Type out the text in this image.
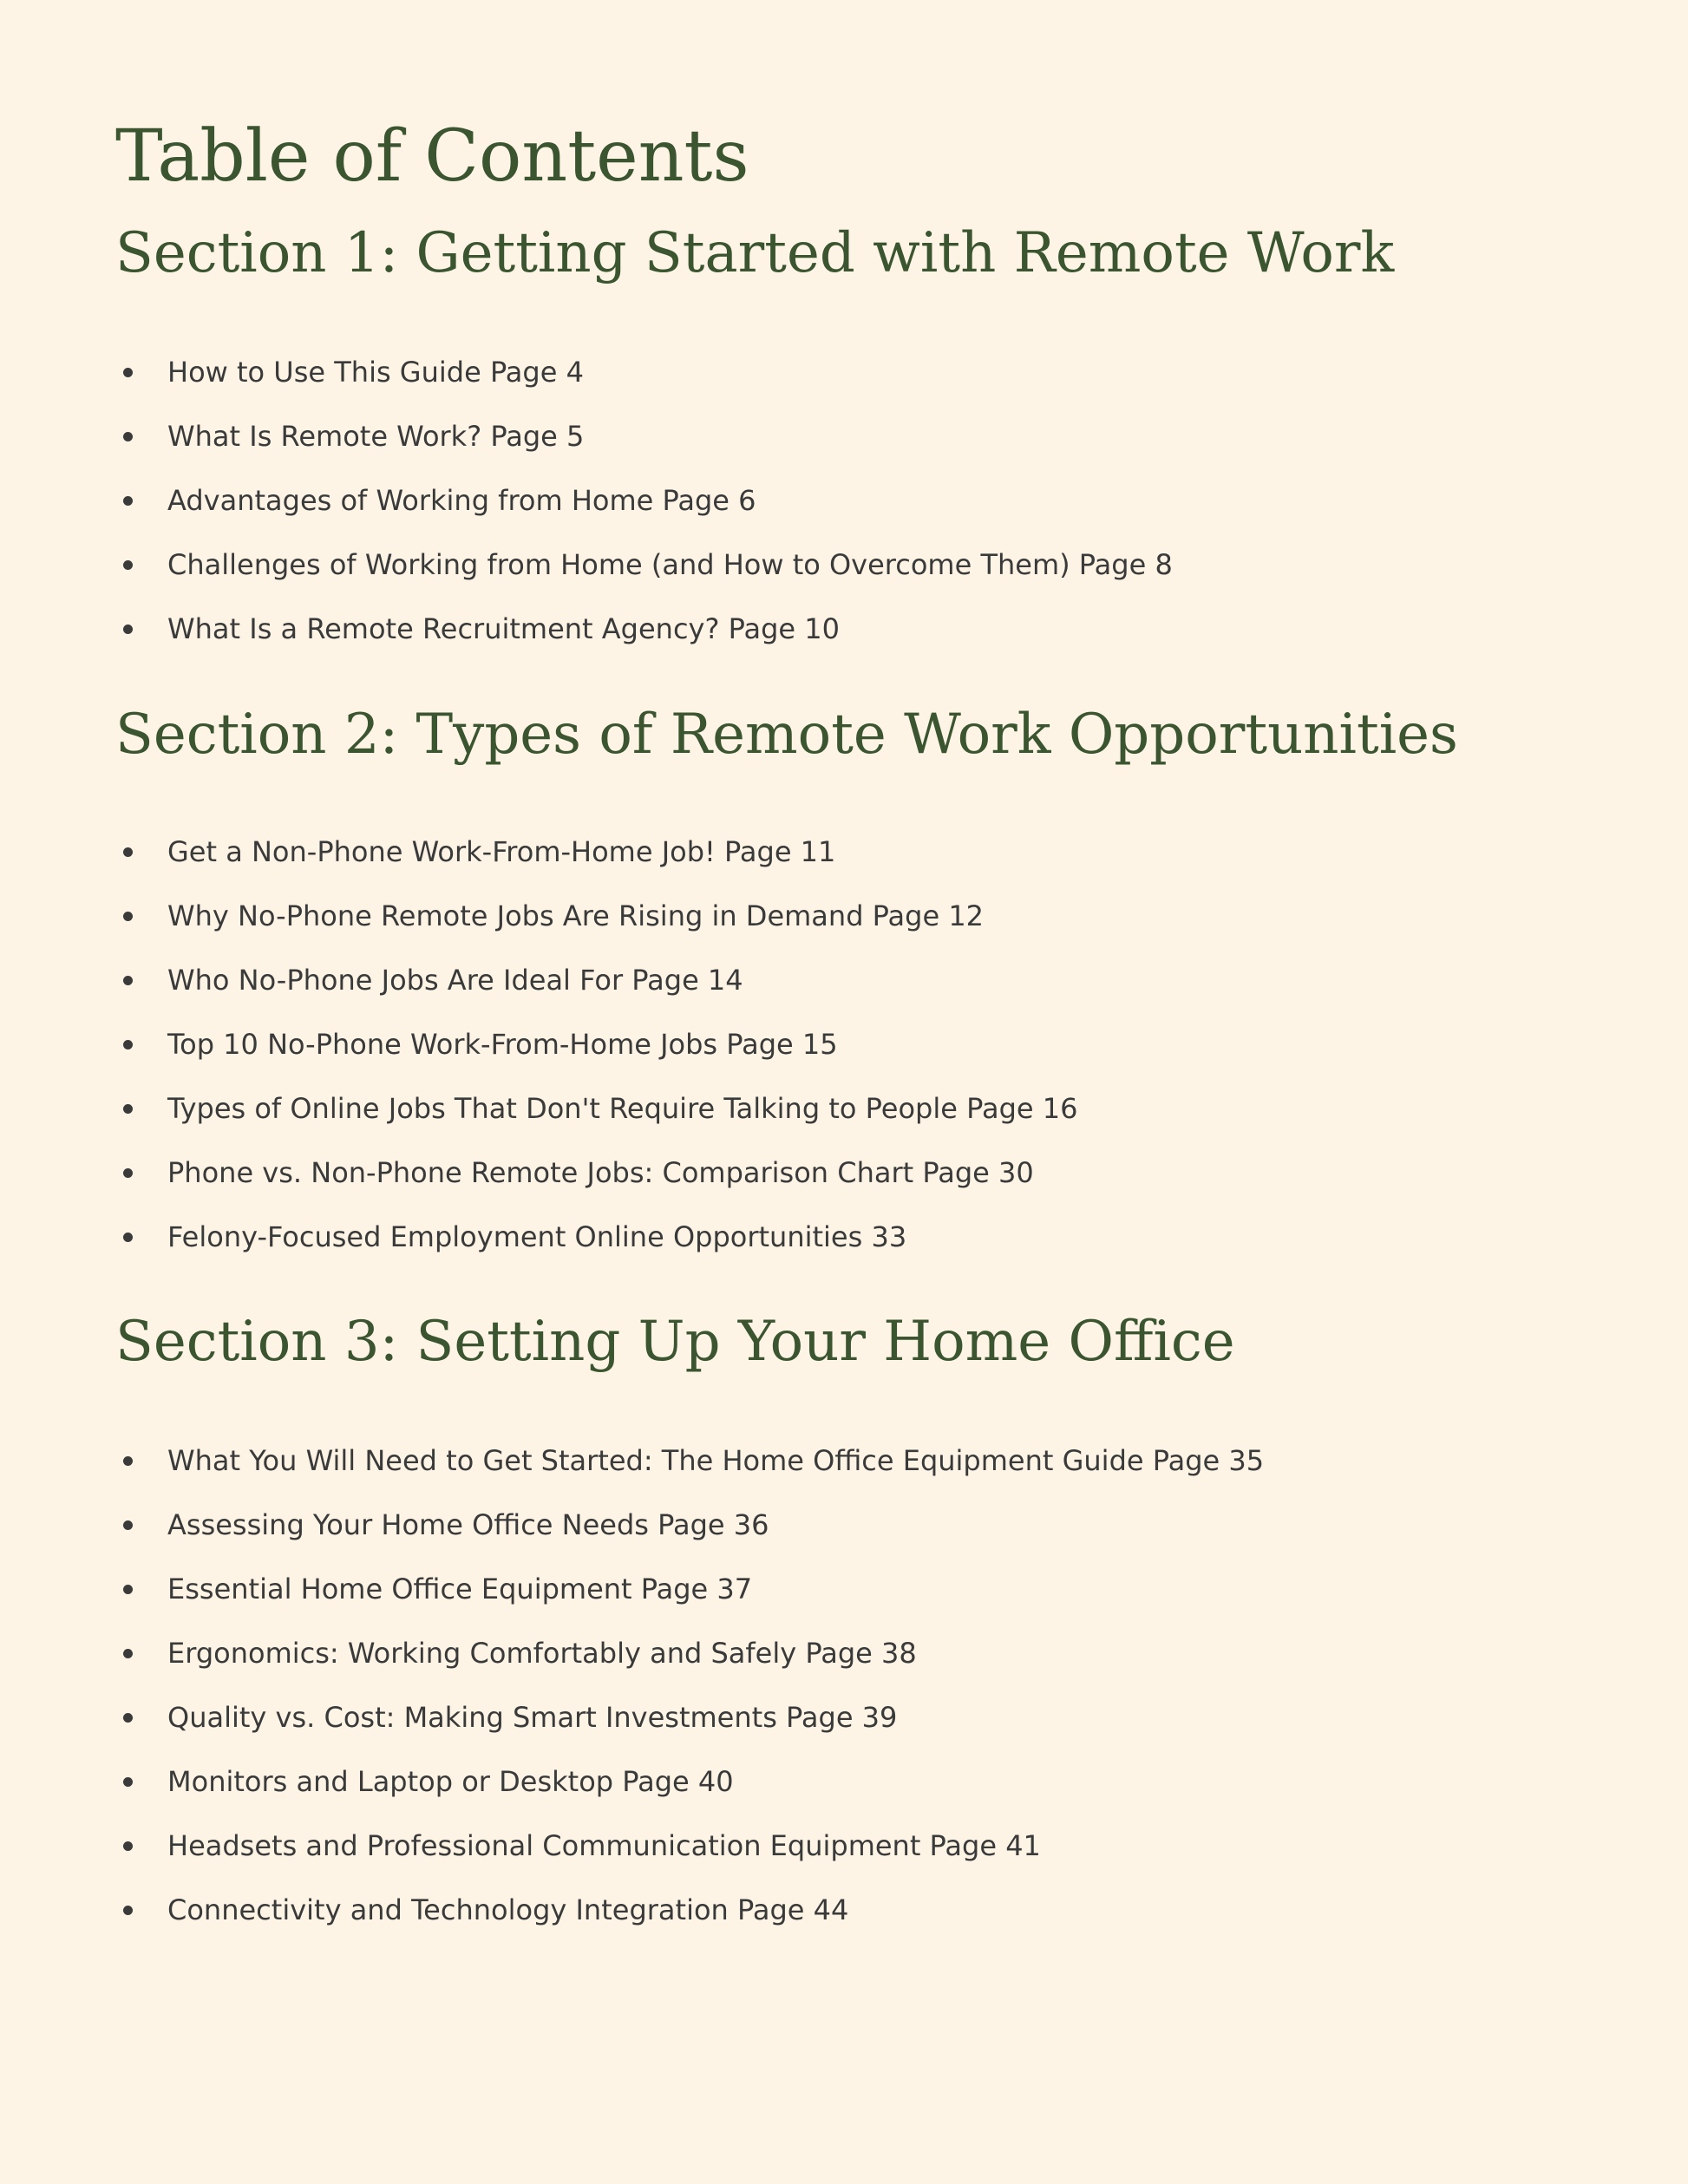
Table of Contents
Section 1: Getting Started with Remote Work
How to Use This Guide Page 4
What Is Remote Work? Page 5
Advantages of Working from Home Page 6
Challenges of Working from Home (and How to Overcome Them) Page 8
What Is a Remote Recruitment Agency? Page 10
Section 2: Types of Remote Work Opportunities
Get a Non-Phone Work-From-Home Job! Page 11
Why No-Phone Remote Jobs Are Rising in Demand Page 12
Who No-Phone Jobs Are Ideal For Page 14
Top 10 No-Phone Work-From-Home Jobs Page 15
Types of Online Jobs That Don't Require Talking to People Page 16
Phone vs. Non-Phone Remote Jobs: Comparison Chart Page 30
Felony-Focused Employment Online Opportunities 33
Section 3: Setting Up Your Home Office
What You Will Need to Get Started: The Home Office Equipment Guide Page 35
Assessing Your Home Office Needs Page 36
Essential Home Office Equipment Page 37
Ergonomics: Working Comfortably and Safely Page 38
Quality vs. Cost: Making Smart Investments Page 39
Monitors and Laptop or Desktop Page 40
Headsets and Professional Communication Equipment Page 41
Connectivity and Technology Integration Page 44
